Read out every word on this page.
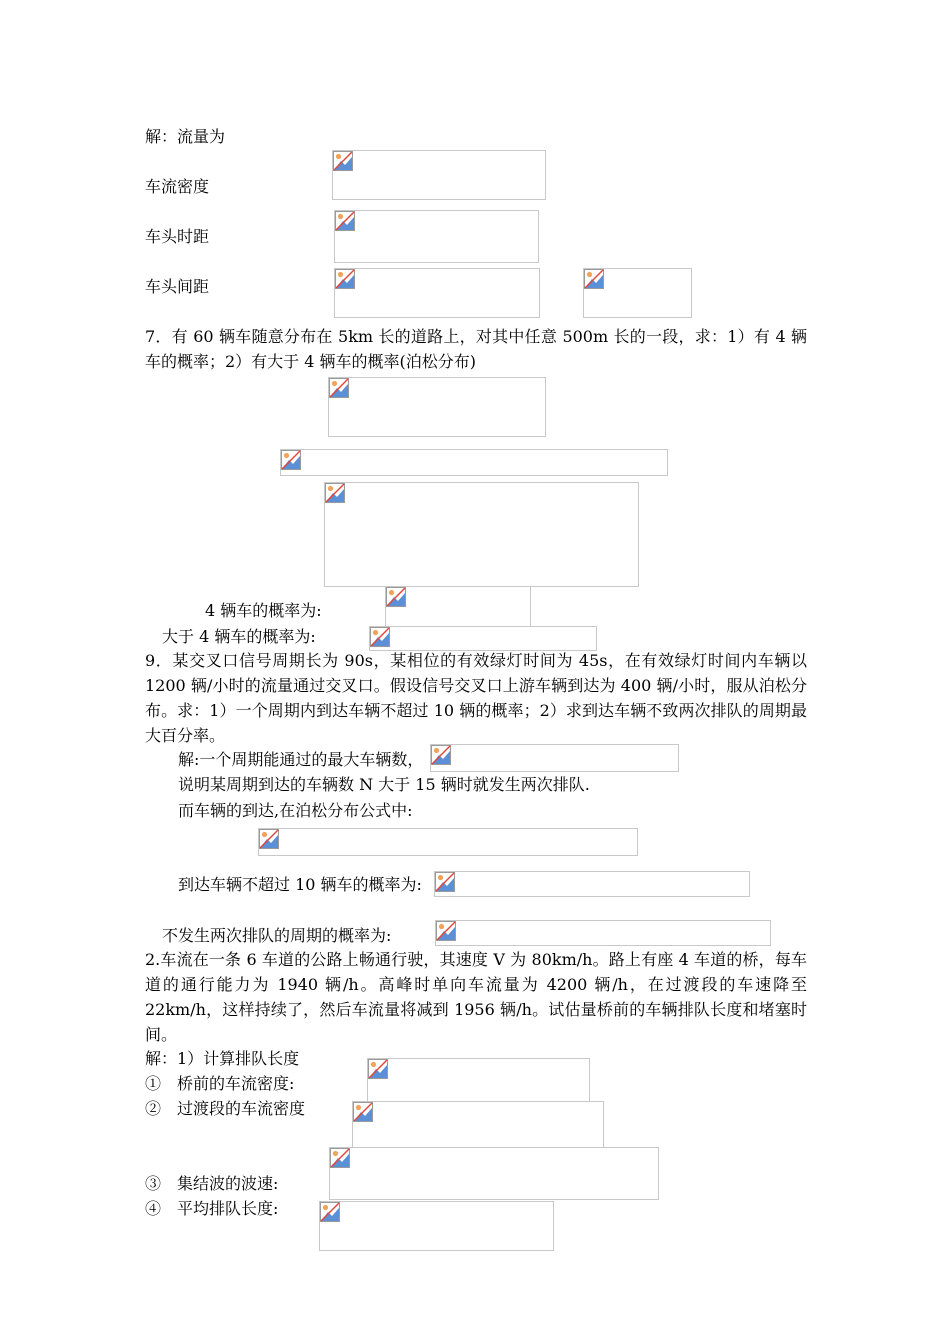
解：流量为
车流密度
车头时距
车头间距
7．有 60 辆车随意分布在 5km 长的道路上，对其中任意 500m 长的一段，求：1）有 4 辆车的概率；2）有大于 4 辆车的概率(泊松分布)
4 辆车的概率为:
大于 4 辆车的概率为:
9．某交叉口信号周期长为 90s，某相位的有效绿灯时间为 45s，在有效绿灯时间内车辆以 1200 辆/小时的流量通过交叉口。假设信号交叉口上游车辆到达为 400 辆/小时，服从泊松分布。求：1）一个周期内到达车辆不超过 10 辆的概率；2）求到达车辆不致两次排队的周期最大百分率。
解:一个周期能通过的最大车辆数，
说明某周期到达的车辆数 N 大于 15 辆时就发生两次排队.
而车辆的到达,在泊松分布公式中:
到达车辆不超过 10 辆车的概率为:
不发生两次排队的周期的概率为:
2.车流在一条 6 车道的公路上畅通行驶，其速度 V 为 80km/h。路上有座 4 车道的桥，每车道的通行能力为 1940 辆/h。高峰时单向车流量为 4200 辆/h，在过渡段的车速降至 22km/h，这样持续了，然后车流量将减到 1956 辆/h。试估量桥前的车辆排队长度和堵塞时间。
解：1）计算排队长度
①　桥前的车流密度:
②　过渡段的车流密度
③　集结波的波速:
④　平均排队长度:
